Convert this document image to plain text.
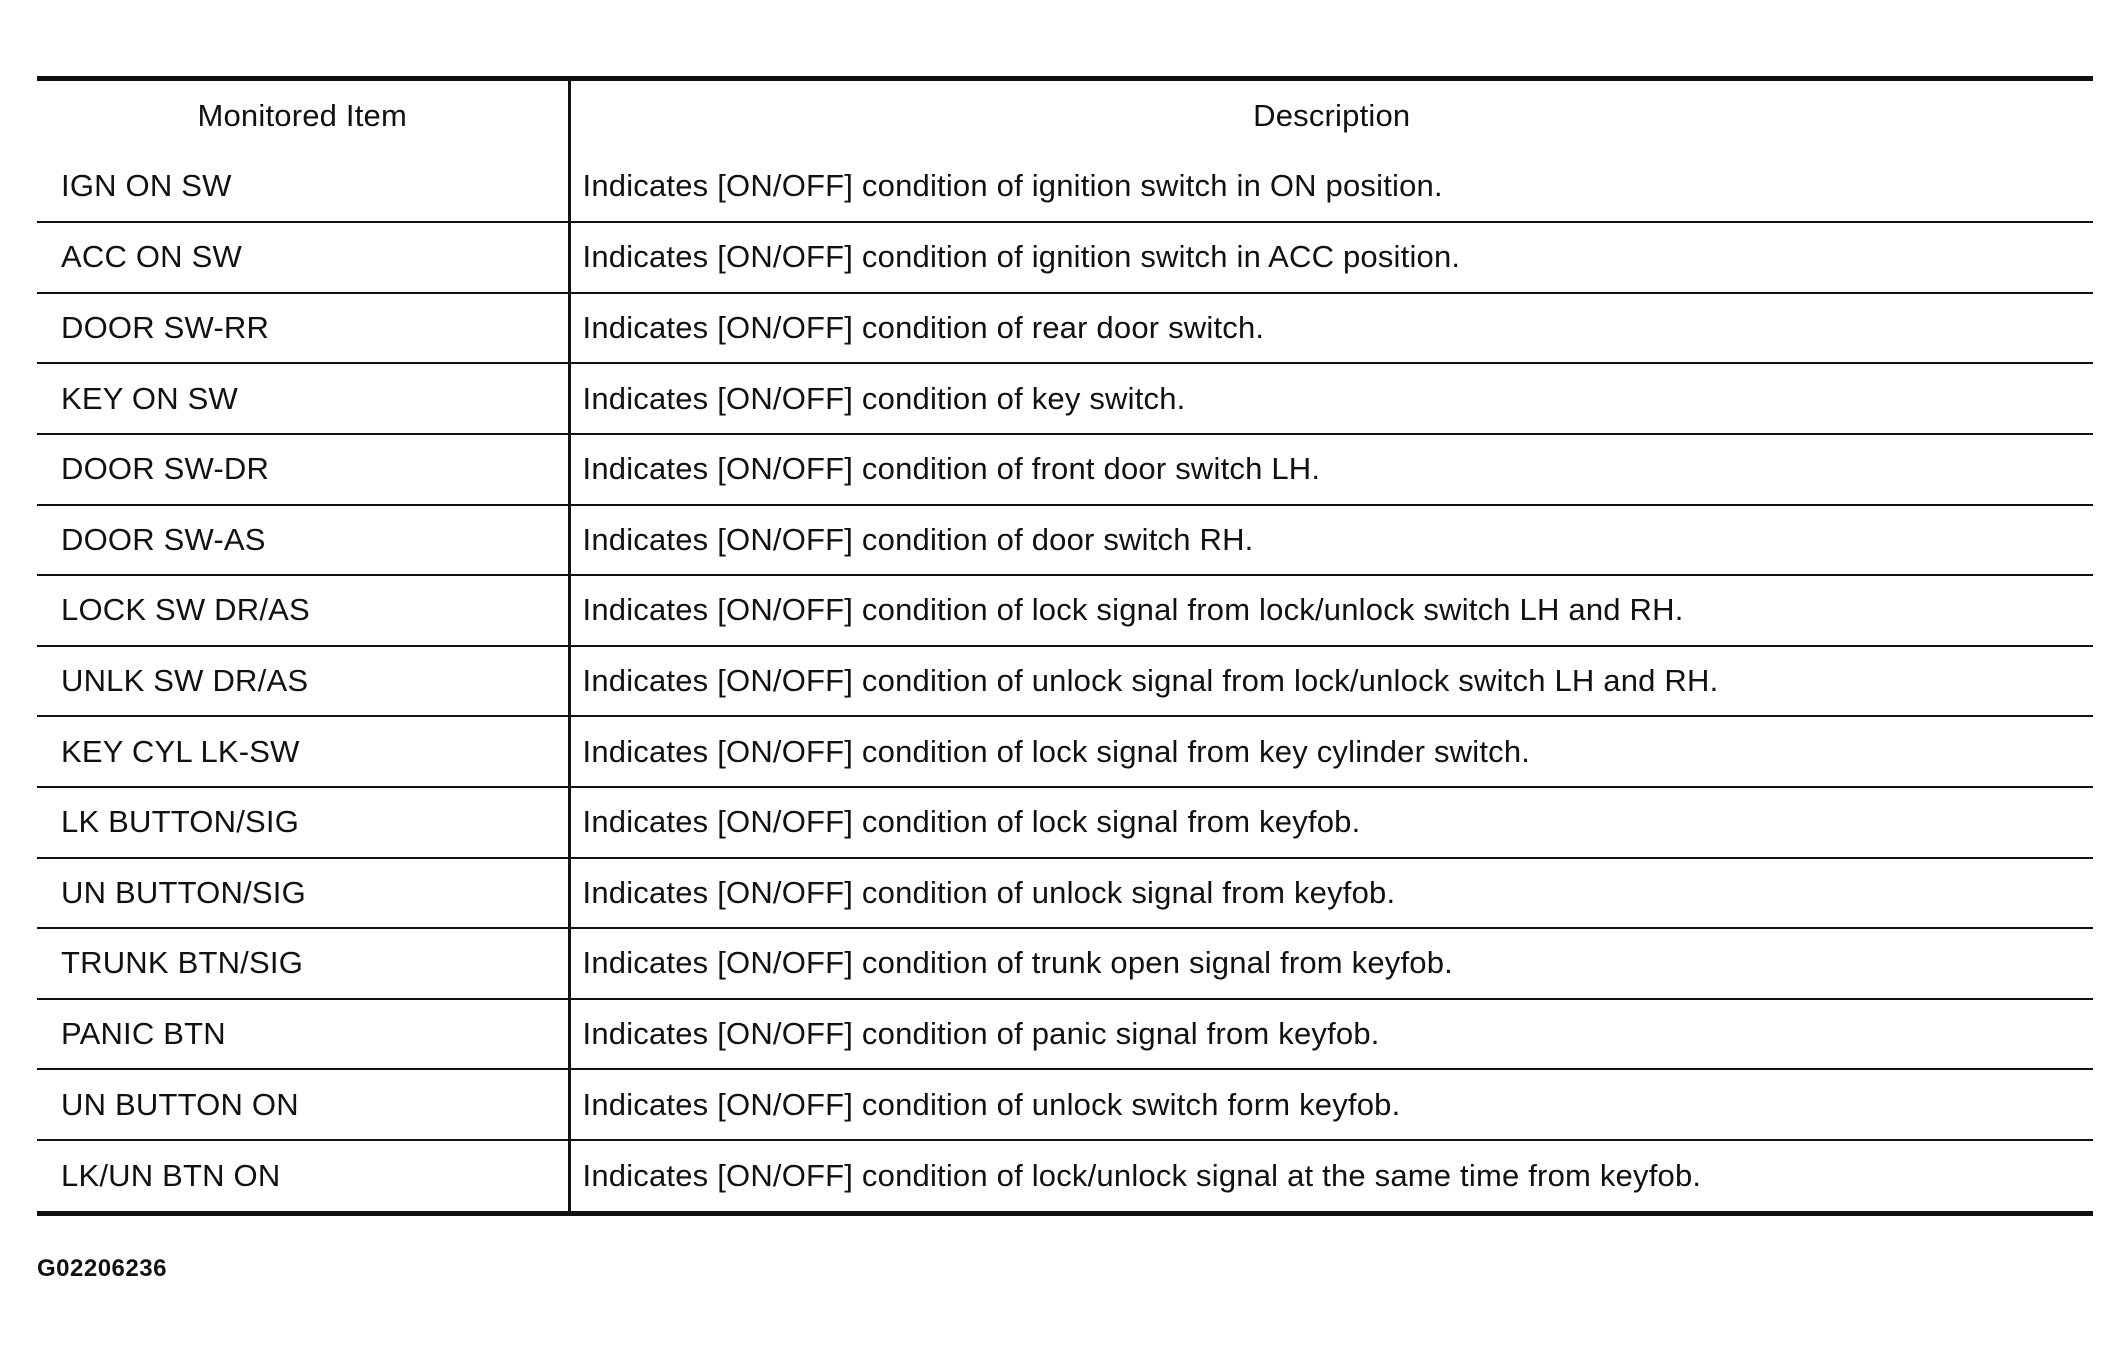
Monitored Item	Description
IGN ON SW	Indicates [ON/OFF] condition of ignition switch in ON position.
ACC ON SW	Indicates [ON/OFF] condition of ignition switch in ACC position.
DOOR SW-RR	Indicates [ON/OFF] condition of rear door switch.
KEY ON SW	Indicates [ON/OFF] condition of key switch.
DOOR SW-DR	Indicates [ON/OFF] condition of front door switch LH.
DOOR SW-AS	Indicates [ON/OFF] condition of door switch RH.
LOCK SW DR/AS	Indicates [ON/OFF] condition of lock signal from lock/unlock switch LH and RH.
UNLK SW DR/AS	Indicates [ON/OFF] condition of unlock signal from lock/unlock switch LH and RH.
KEY CYL LK-SW	Indicates [ON/OFF] condition of lock signal from key cylinder switch.
LK BUTTON/SIG	Indicates [ON/OFF] condition of lock signal from keyfob.
UN BUTTON/SIG	Indicates [ON/OFF] condition of unlock signal from keyfob.
TRUNK BTN/SIG	Indicates [ON/OFF] condition of trunk open signal from keyfob.
PANIC BTN	Indicates [ON/OFF] condition of panic signal from keyfob.
UN BUTTON ON	Indicates [ON/OFF] condition of unlock switch form keyfob.
LK/UN BTN ON	Indicates [ON/OFF] condition of lock/unlock signal at the same time from keyfob.
G02206236
